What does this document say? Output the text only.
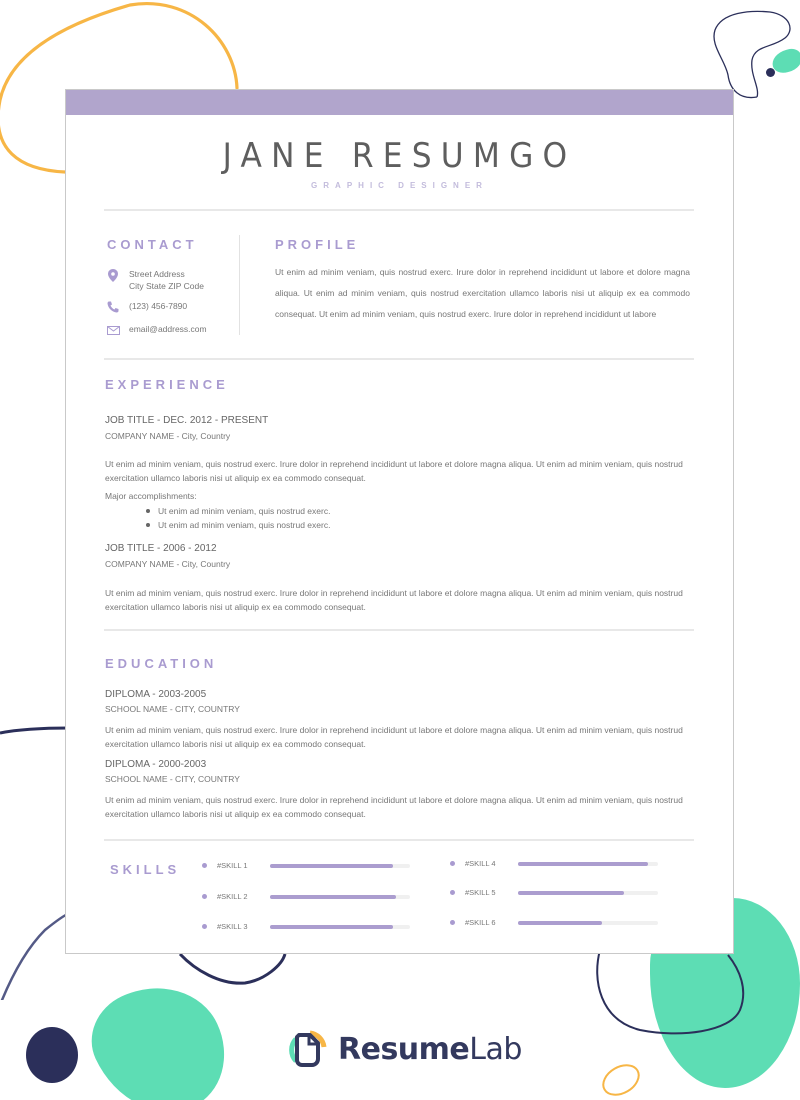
JANE RESUMGO
GRAPHIC DESIGNER
CONTACT
Street Address
City State ZIP Code
(123) 456-7890
email@address.com
PROFILE
Ut enim ad minim veniam, quis nostrud exerc. Irure dolor in reprehend incididunt ut labore et dolore magna aliqua. Ut enim ad minim veniam, quis nostrud exercitation ullamco laboris nisi ut aliquip ex ea commodo consequat. Ut enim ad minim veniam, quis nostrud exerc. Irure dolor in reprehend incididunt ut labore
EXPERIENCE
JOB TITLE - DEC. 2012 - PRESENT
COMPANY NAME - City, Country
Ut enim ad minim veniam, quis nostrud exerc. Irure dolor in reprehend incididunt ut labore et dolore magna aliqua. Ut enim ad minim veniam, quis nostrud exercitation ullamco laboris nisi ut aliquip ex ea commodo consequat.
Major accomplishments:
Ut enim ad minim veniam, quis nostrud exerc.
Ut enim ad minim veniam, quis nostrud exerc.
JOB TITLE - 2006 - 2012
COMPANY NAME - City, Country
Ut enim ad minim veniam, quis nostrud exerc. Irure dolor in reprehend incididunt ut labore et dolore magna aliqua. Ut enim ad minim veniam, quis nostrud exercitation ullamco laboris nisi ut aliquip ex ea commodo consequat.
EDUCATION
DIPLOMA - 2003-2005
SCHOOL NAME - CITY, COUNTRY
Ut enim ad minim veniam, quis nostrud exerc. Irure dolor in reprehend incididunt ut labore et dolore magna aliqua. Ut enim ad minim veniam, quis nostrud exercitation ullamco laboris nisi ut aliquip ex ea commodo consequat.
DIPLOMA - 2000-2003
SCHOOL NAME - CITY, COUNTRY
Ut enim ad minim veniam, quis nostrud exerc. Irure dolor in reprehend incididunt ut labore et dolore magna aliqua. Ut enim ad minim veniam, quis nostrud exercitation ullamco laboris nisi ut aliquip ex ea commodo consequat.
SKILLS	#SKILL 1
#SKILL 2
#SKILL 3
#SKILL 4
#SKILL 5
#SKILL 6
ResumeLab
